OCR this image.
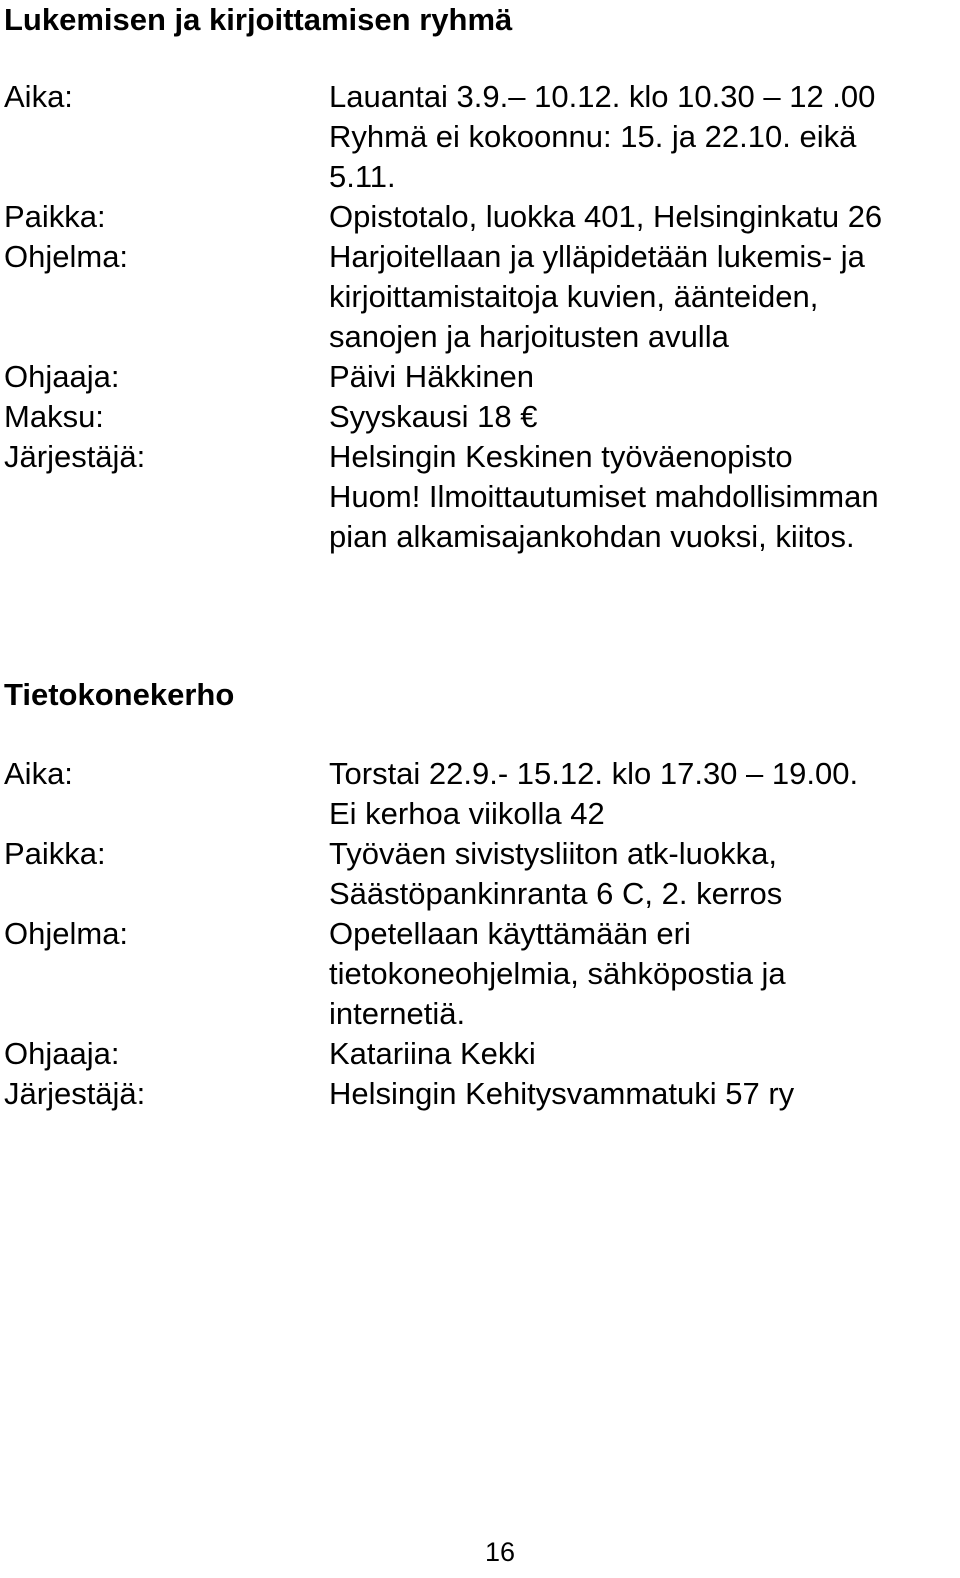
Lukemisen ja kirjoittamisen ryhmä
Aika:	Lauantai 3.9.– 10.12. klo 10.30 – 12 .00
Ryhmä ei kokoonnu: 15. ja 22.10. eikä
5.11.
Paikka:	Opistotalo, luokka 401, Helsinginkatu 26
Ohjelma:	Harjoitellaan ja ylläpidetään lukemis- ja
kirjoittamistaitoja kuvien, äänteiden,
sanojen ja harjoitusten avulla
Ohjaaja:	Päivi Häkkinen
Maksu:	Syyskausi 18 €
Järjestäjä:	Helsingin Keskinen työväenopisto
Huom! Ilmoittautumiset mahdollisimman
pian alkamisajankohdan vuoksi, kiitos.
Tietokonekerho
Aika:	Torstai 22.9.- 15.12. klo 17.30 – 19.00.
Ei kerhoa viikolla 42
Paikka:	Työväen sivistysliiton atk-luokka,
Säästöpankinranta 6 C, 2. kerros
Ohjelma:	Opetellaan käyttämään eri
tietokoneohjelmia, sähköpostia ja
internetiä.
Ohjaaja:	Katariina Kekki
Järjestäjä:	Helsingin Kehitysvammatuki 57 ry
16
